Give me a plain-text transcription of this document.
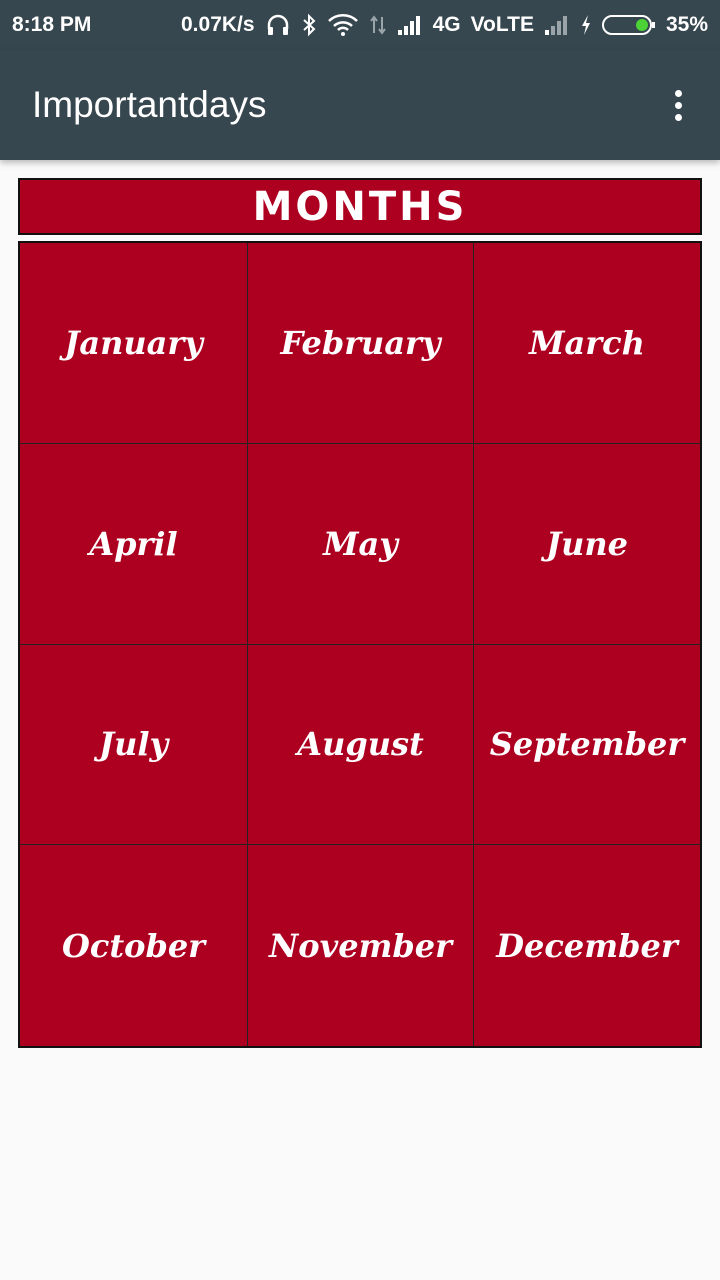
8:18 PM	0.07K/s	4G VoLTE	35%
Importantdays
MONTHS
January	February	March
April	May	June
July	August	September
October	November	December
